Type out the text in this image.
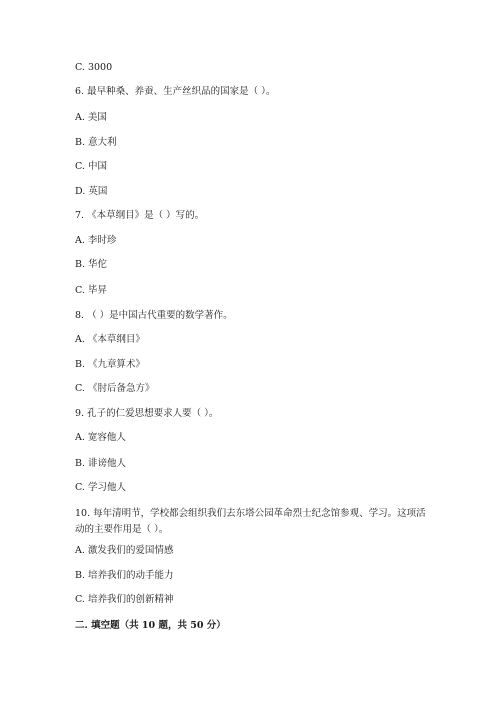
C. 3000
6. 最早种桑、养蚕、生产丝织品的国家是（ ）。
A. 美国
B. 意大利
C. 中国
D. 英国
7. 《本草纲目》是（ ）写的。
A. 李时珍
B. 华佗
C. 毕昇
8. （ ）是中国古代重要的数学著作。
A. 《本草纲目》
B. 《九章算术》
C. 《肘后备急方》
9. 孔子的仁爱思想要求人要（ ）。
A. 宽容他人
B. 诽谤他人
C. 学习他人
10. 每年清明节，学校都会组织我们去东塔公园革命烈士纪念馆参观、学习。这项活动的主要作用是（ ）。
A. 激发我们的爱国情感
B. 培养我们的动手能力
C. 培养我们的创新精神
二. 填空题（共 10 题，共 50 分）
